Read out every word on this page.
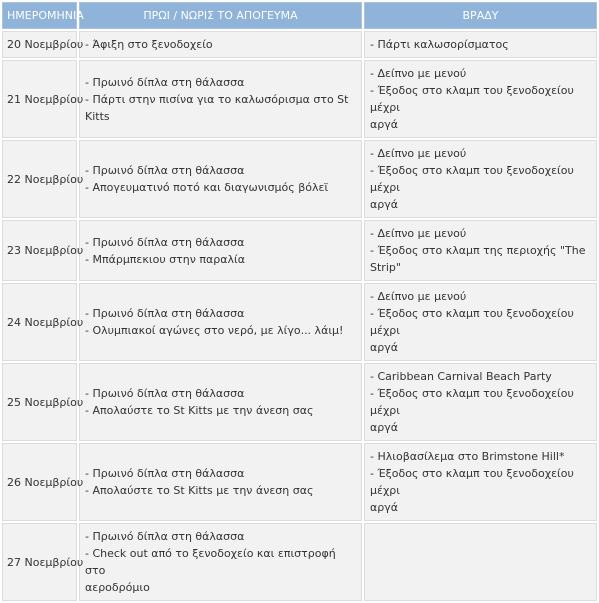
ΗΜΕΡΟΜΗΝΙΑ	ΠΡΩΙ / ΝΩΡΙΣ ΤΟ ΑΠΟΓΕΥΜΑ	ΒΡΑΔΥ
20 Νοεμβρίου	- Άφιξη στο ξενοδοχείο	- Πάρτι καλωσορίσματος

21 Νοεμβρίου	- Πρωινό δίπλα στη θάλασσα
- Πάρτι στην πισίνα για το καλωσόρισμα στο St Kitts	- Δείπνο με μενού
- Έξοδος στο κλαμπ του ξενοδοχείου μέχρι
αργά

22 Νοεμβρίου	- Πρωινό δίπλα στη θάλασσα
- Απογευματινό ποτό και διαγωνισμός βόλεϊ	- Δείπνο με μενού
- Έξοδος στο κλαμπ του ξενοδοχείου μέχρι
αργά

23 Νοεμβρίου	- Πρωινό δίπλα στη θάλασσα
- Μπάρμπεκιου στην παραλία	- Δείπνο με μενού
- Έξοδος στο κλαμπ της περιοχής "The Strip"

24 Νοεμβρίου	- Πρωινό δίπλα στη θάλασσα
- Ολυμπιακοί αγώνες στο νερό, με λίγο... λάιμ!	- Δείπνο με μενού
- Έξοδος στο κλαμπ του ξενοδοχείου μέχρι
αργά

25 Νοεμβρίου	- Πρωινό δίπλα στη θάλασσα
- Απολαύστε το St Kitts με την άνεση σας	- Caribbean Carnival Beach Party
- Έξοδος στο κλαμπ του ξενοδοχείου μέχρι
αργά

26 Νοεμβρίου	- Πρωινό δίπλα στη θάλασσα
- Απολαύστε το St Kitts με την άνεση σας	- Ηλιοβασίλεμα στο Brimstone Hill*
- Έξοδος στο κλαμπ του ξενοδοχείου μέχρι
αργά

27 Νοεμβρίου	- Πρωινό δίπλα στη θάλασσα
- Check out από το ξενοδοχείο και επιστροφή στο
αεροδρόμιο	
